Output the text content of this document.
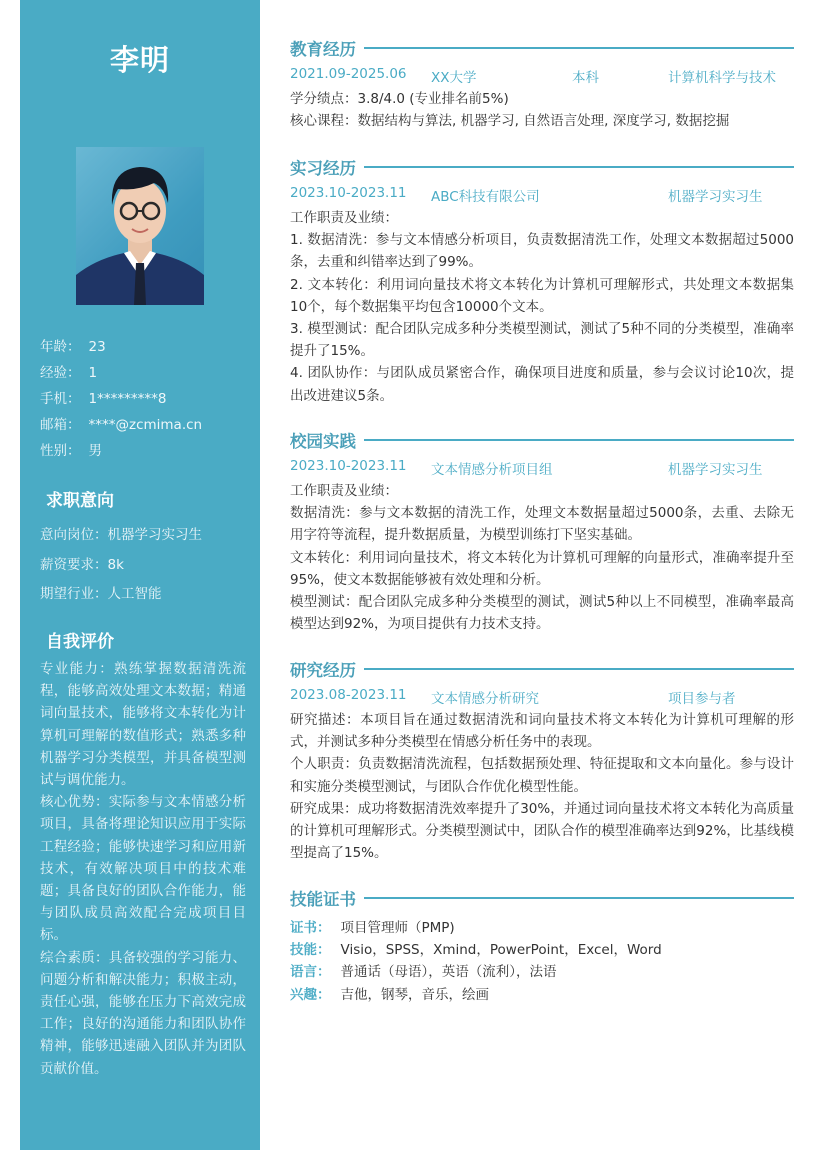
李明
年龄： 23
经验： 1
手机： 1*********8
邮箱： ****@zcmima.cn
性别： 男
求职意向
意向岗位：机器学习实习生
薪资要求：8k
期望行业：人工智能
自我评价

专业能力：熟练掌握数据清洗流程，能够高效处理文本数据；精通词向量技术，能够将文本转化为计算机可理解的数值形式；熟悉多种机器学习分类模型，并具备模型测试与调优能力。

核心优势：实际参与文本情感分析项目，具备将理论知识应用于实际工程经验；能够快速学习和应用新技术，有效解决项目中的技术难题；具备良好的团队合作能力，能与团队成员高效配合完成项目目标。

综合素质：具备较强的学习能力、问题分析和解决能力；积极主动，责任心强，能够在压力下高效完成工作；良好的沟通能力和团队协作精神，能够迅速融入团队并为团队贡献价值。

教育经历
2021.09-2025.06 XX大学	本科	计算机科学与技术

学分绩点：3.8/4.0 (专业排名前5%)

核心课程：数据结构与算法, 机器学习, 自然语言处理, 深度学习, 数据挖掘

实习经历
2023.10-2023.11 ABC科技有限公司	机器学习实习生

工作职责及业绩：

1. 数据清洗：参与文本情感分析项目，负责数据清洗工作，处理文本数据超过5000条，去重和纠错率达到了99%。

2. 文本转化：利用词向量技术将文本转化为计算机可理解形式，共处理文本数据集10个，每个数据集平均包含10000个文本。

3. 模型测试：配合团队完成多种分类模型测试，测试了5种不同的分类模型，准确率提升了15%。

4. 团队协作：与团队成员紧密合作，确保项目进度和质量，参与会议讨论10次，提出改进建议5条。

校园实践
2023.10-2023.11 文本情感分析项目组	机器学习实习生

工作职责及业绩：

数据清洗：参与文本数据的清洗工作，处理文本数据量超过5000条，去重、去除无用字符等流程，提升数据质量，为模型训练打下坚实基础。

文本转化：利用词向量技术，将文本转化为计算机可理解的向量形式，准确率提升至95%，使文本数据能够被有效处理和分析。

模型测试：配合团队完成多种分类模型的测试，测试5种以上不同模型，准确率最高模型达到92%，为项目提供有力技术支持。

研究经历
2023.08-2023.11 文本情感分析研究	项目参与者

研究描述：本项目旨在通过数据清洗和词向量技术将文本转化为计算机可理解的形式，并测试多种分类模型在情感分析任务中的表现。

个人职责：负责数据清洗流程，包括数据预处理、特征提取和文本向量化。参与设计和实施分类模型测试，与团队合作优化模型性能。

研究成果：成功将数据清洗效率提升了30%，并通过词向量技术将文本转化为高质量的计算机可理解形式。分类模型测试中，团队合作的模型准确率达到92%，比基线模型提高了15%。

技能证书
证书： 项目管理师（PMP)
技能： Visio，SPSS，Xmind，PowerPoint，Excel，Word
语言： 普通话（母语），英语（流利），法语
兴趣： 吉他，钢琴，音乐，绘画
